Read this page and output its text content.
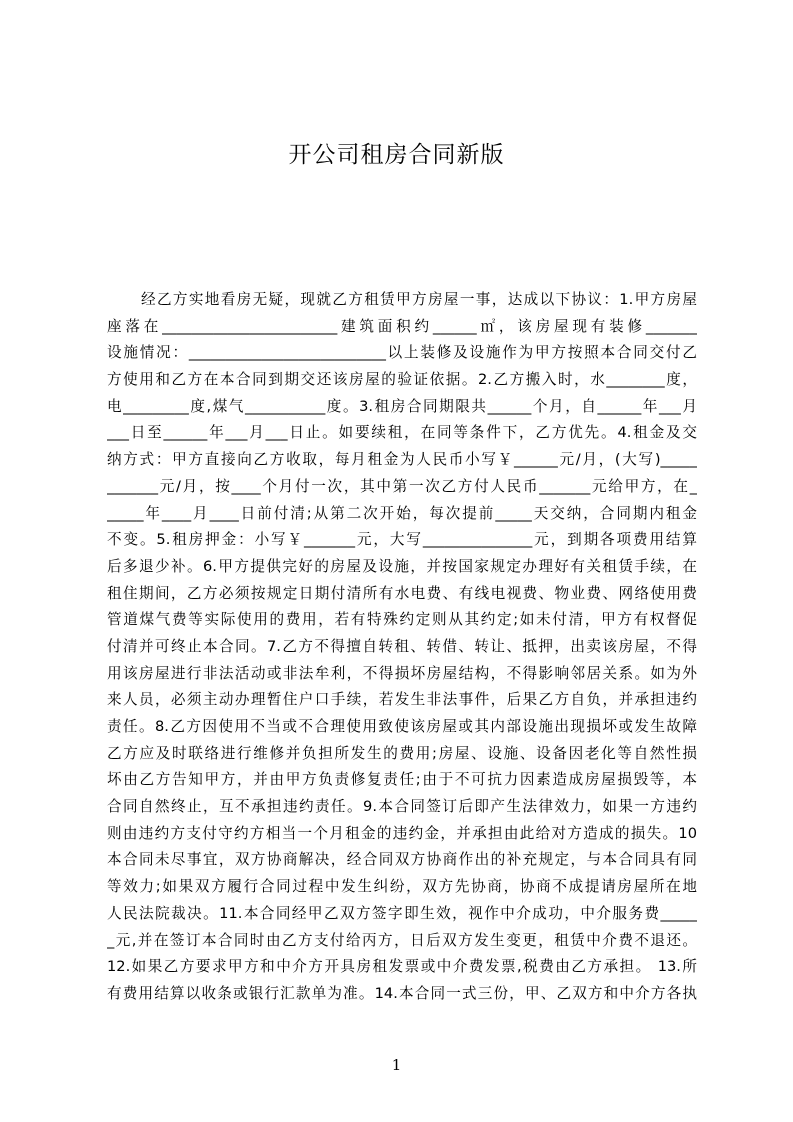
开公司租房合同新版
经乙方实地看房无疑，现就乙方租赁甲方房屋一事，达成以下协议：1.甲方房屋
座落在________________________建筑面积约______㎡，该房屋现有装修_______
设施情况：___________________________以上装修及设施作为甲方按照本合同交付乙
方使用和乙方在本合同到期交还该房屋的验证依据。2.乙方搬入时，水________度，
电_________度,煤气___________度。3.租房合同期限共______个月，自______年___月
___日至______年___月___日止。如要续租，在同等条件下，乙方优先。4.租金及交
纳方式：甲方直接向乙方收取，每月租金为人民币小写￥______元/月，(大写)_____
_______元/月，按____个月付一次，其中第一次乙方付人民币_______元给甲方，在_
_____年____月____日前付清;从第二次开始，每次提前_____天交纳，合同期内租金
不变。5.租房押金：小写￥_______元，大写_______________元，到期各项费用结算
后多退少补。6.甲方提供完好的房屋及设施，并按国家规定办理好有关租赁手续，在
租住期间，乙方必须按规定日期付清所有水电费、有线电视费、物业费、网络使用费
管道煤气费等实际使用的费用，若有特殊约定则从其约定;如未付清，甲方有权督促
付清并可终止本合同。7.乙方不得擅自转租、转借、转让、抵押，出卖该房屋，不得
用该房屋进行非法活动或非法牟利，不得损坏房屋结构，不得影响邻居关系。如为外
来人员，必须主动办理暂住户口手续，若发生非法事件，后果乙方自负，并承担违约
责任。8.乙方因使用不当或不合理使用致使该房屋或其内部设施出现损坏或发生故障
乙方应及时联络进行维修并负担所发生的费用;房屋、设施、设备因老化等自然性损
坏由乙方告知甲方，并由甲方负责修复责任;由于不可抗力因素造成房屋损毁等，本
合同自然终止，互不承担违约责任。9.本合同签订后即产生法律效力，如果一方违约
则由违约方支付守约方相当一个月租金的违约金，并承担由此给对方造成的损失。10
本合同未尽事宜，双方协商解决，经合同双方协商作出的补充规定，与本合同具有同
等效力;如果双方履行合同过程中发生纠纷，双方先协商，协商不成提请房屋所在地
人民法院裁决。11.本合同经甲乙双方签字即生效，视作中介成功，中介服务费_____
_元,并在签订本合同时由乙方支付给丙方，日后双方发生变更，租赁中介费不退还。
12.如果乙方要求甲方和中介方开具房租发票或中介费发票,税费由乙方承担。 13.所
有费用结算以收条或银行汇款单为准。14.本合同一式三份，甲、乙双方和中介方各执
1
